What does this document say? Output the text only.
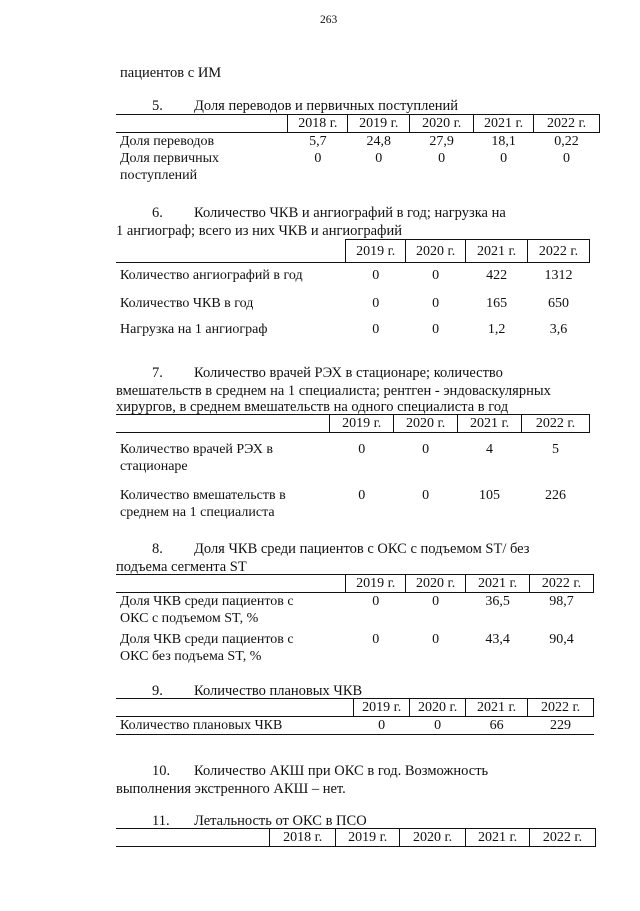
263
пациентов с ИМ
5. Доля переводов и первичных поступлений
	2018 г.	2019 г.	2020 г.	2021 г.	2022 г.
Доля переводов	5,7	24,8	27,9	18,1	0,22
Доля первичных поступлений	0	0	0	0	0
6. Количество ЧКВ и ангиографий в год; нагрузка на
1 ангиограф; всего из них ЧКВ и ангиографий
	2019 г.	2020 г.	2021 г.	2022 г.
Количество ангиографий в год	0	0	422	1312
Количество ЧКВ в год	0	0	165	650
Нагрузка на 1 ангиограф	0	0	1,2	3,6
7. Количество врачей РЭХ в стационаре; количество
вмешательств в среднем на 1 специалиста; рентген - эндоваскулярных
хирургов, в среднем вмешательств на одного специалиста в год
	2019 г.	2020 г.	2021 г.	2022 г.

Количество врачей РЭХ в
стационаре	0	0	4	5

Количество вмешательств в
среднем на 1 специалиста	0	0	105	226
8. Доля ЧКВ среди пациентов с ОКС с подъемом ST/ без
подъема сегмента ST
	2019 г.	2020 г.	2021 г.	2022 г.

Доля ЧКВ среди пациентов с
ОКС с подъемом ST, %	0	0	36,5	98,7

Доля ЧКВ среди пациентов с
ОКС без подъема ST, %	0	0	43,4	90,4
9. Количество плановых ЧКВ
	2019 г.	2020 г.	2021 г.	2022 г.
Количество плановых ЧКВ	0	0	66	229
10. Количество АКШ при ОКС в год. Возможность
выполнения экстренного АКШ – нет.
11. Летальность от ОКС в ПСО
	2018 г.	2019 г.	2020 г.	2021 г.	2022 г.
